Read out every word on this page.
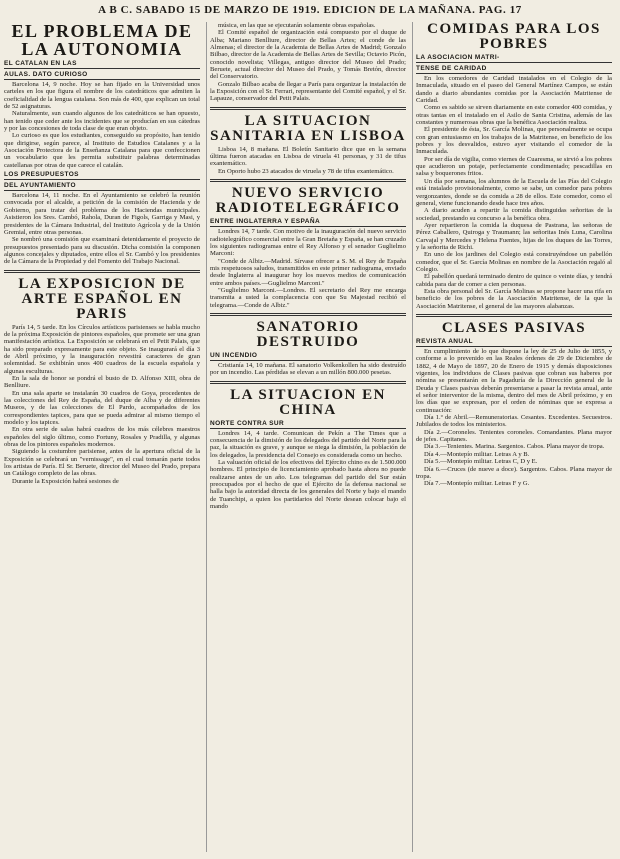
A B C. SABADO 15 DE MARZO DE 1919. EDICION DE LA MAÑANA. PAG. 17
EL PROBLEMA DE LA AUTONOMIA
EL CATALAN EN LAS
AULAS. DATO CURIOSO

Barcelona 14, 9 noche. Hoy se han fijado en la Universidad unos carteles en los que figura el nombre de los catedráticos que admiten la coeficialidad de la lengua catalana. Son más de 400, que explican un total de 52 asignaturas.

Naturalmente, sun cuando algunos de los catedráticos se han opuesto, han tenido que ceder ante los incidentes que se producían en sus cátedras y por las concesiones de toda clase de que eran objeto.

Lo curioso es que los estudiantes, conseguido su propósito, han tenido que dirigirse, según parece, al Instituto de Estudios Catalanes y a la Asociación Protectora de la Enseñanza Catalana para que confeccionen un vocabulario que les permita substituir palabras determinadas castellanas por otras de que carece el catalán.

LOS PRESUPUESTOS
DEL AYUNTAMIENTO

Barcelona 14, 11 noche. En el Ayuntamiento se celebró la reunión convocada por el alcalde, a petición de la comisión de Hacienda y de Gobierno, para tratar del problema de los Haciendas municipales. Asistieron los Sres. Cambó, Rahola, Duran de Figols, Garriga y Masi, y presidentes de la Cámara Industrial, del Instituto Agrícola y de la Unión Gremial, entre otras personas.

Se nombró una comisión que examinará detenidamente el proyecto de presupuestos presentado para su discusión. Dicha comisión la componen algunos concejales y diputados, entre ellos el Sr. Cambó y los presidentes de la Cámara de la Propiedad y del Fomento del Trabajo Nacional.

LA EXPOSICION DE ARTE ESPAÑOL EN PARIS

París 14, 5 tarde. En los Círculos artísticos parisienses se habla mucho de la próxima Exposición de pintores españoles, que promete ser una gran manifestación artística. La Exposición se celebrará en el Petit Palais, que ha sido preparado expresamente para este objeto. Se inaugurará el día 3 de Abril próximo, y la inauguración revestirá caracteres de gran solemnidad. Se exhibirán unos 400 cuadros de la escuela española y algunas esculturas.

En la sala de honor se pondrá el busto de D. Alfonso XIII, obra de Benlliure.

En una sala aparte se instalarán 30 cuadros de Goya, procedentes de las colecciones del Rey de España, del duque de Alba y de diferentes Museos, y de las colecciones de El Pardo, acompañados de los correspondientes tapices, para que se pueda admirar al mismo tiempo el modelo y los tapices.

En otra serie de salas habrá cuadros de los más célebres maestros españoles del siglo último, como Fortuny, Rosales y Pradilla, y algunas obras de los pintores españoles modernos.

Siguiendo la costumbre parisiense, antes de la apertura oficial de la Exposición se celebrará un "vernissage", en el cual tomarán parte todos los artistas de París. El Sr. Beruete, director del Museo del Prado, prepara un Catálogo completo de las obras.

Durante la Exposición habrá sesiones de

música, en las que se ejecutarán solamente obras españolas.

El Comité español de organización está compuesto por el duque de Alba; Mariano Benlliure, director de Bellas Artes; el conde de las Almenas; el director de la Academia de Bellas Artes de Madrid; Gonzalo Bilbao, director de la Academia de Bellas Artes de Sevilla; Octavio Picón, conocido novelista; Villegas, antiguo director del Museo del Prado; Beruete, actual director del Museo del Prado, y Tomás Bretón, director del Conservatorio.

Gonzalo Bilbao acaba de llegar a París para organizar la instalación de la Exposición con el Sr. Ferrari, representante del Comité español, y el Sr. Lapauze, conservador del Petit Palais.

LA SITUACION SANITARIA EN LISBOA

Lisboa 14, 8 mañana. El Boletín Sanitario dice que en la semana última fueron atacadas en Lisboa de viruela 41 personas, y 31 de tifus exantemático.

En Oporto hubo 23 atacados de viruela y 78 de tifus exantemático.

NUEVO SERVICIO RADIOTELEGRÁFICO
ENTRE INGLATERRA Y ESPAÑA

Londres 14, 7 tarde. Con motivo de la inauguración del nuevo servicio radiotelegráfico comercial entre la Gran Bretaña y España, se han cruzado los siguientes radiogramas entre el Rey Alfonso y el senador Guglielmo Marconi:

"Conde de Albiz.—Madrid. Sírvase ofrecer a S. M. el Rey de España mis respetuosos saludos, transmitidos en este primer radiograma, enviado desde Inglaterra al inaugurar hoy los nuevos medios de comunicación entre ambos países.—Guglielmo Marconi."

"Guglielmo Marconi.—Londres. El secretario del Rey me encarga transmita a usted la complacencia con que Su Majestad recibió el telegrama.—Conde de Albiz."

SANATORIO DESTRUIDO
UN INCENDIO

Cristianía 14, 10 mañana. El sanatorio Volkenkollen ha sido destruído por un incendio. Las pérdidas se elevan a un millón 800.000 pesetas.

LA SITUACION EN CHINA
NORTE CONTRA SUR

Londres 14, 4 tarde. Comunican de Pekín a The Times que a consecuencia de la dimisión de los delegados del partido del Norte para la paz, la situación es grave, y aunque se niega la dimisión, la población de los delegados, la presidencia del Consejo es considerada como un hecho.

La valuación oficial de los efectivos del Ejército chino es de 1.500.000 hombres. El principio de licenciamiento aprobado hasta ahora no puede realizarse antes de un año. Los telegramas del partido del Sur están preocupados por el hecho de que el Ejército de la defensa nacional se halla bajo la autoridad directa de los generales del Norte y bajo el mando de Tuanchipi, a quien los partidarios del Norte desean colocar bajo el mando

COMIDAS PARA LOS POBRES
LA ASOCIACION MATRI-
TENSE DE CARIDAD

En los comedores de Caridad instalados en el Colegio de la Inmaculada, situado en el paseo del General Martínez Campos, se están dando a diario abundantes comidas por la Asociación Matritense de Caridad.

Como es sabido se sirven diariamente en este comedor 400 comidas, y otras tantas en el instalado en el Asilo de Santa Cristina, además de las constantes y numerosas obras que la benéfica Asociación realiza.

El presidente de ésta, Sr. García Molinas, que personalmente se ocupa con gran entusiasmo en los trabajos de la Matritense, en beneficio de los pobres y los desvalidos, estuvo ayer visitando el comedor de la Inmaculada.

Por ser día de vigilia, como viernes de Cuaresma, se sirvió a los pobres que acudieron un potaje, perfectamente condimentado; pescadillas en salsa y boquerones fritos.

Un día por semana, los alumnos de la Escuela de las Pías del Colegio está instalado provisionalmente, como se sabe, un comedor para pobres vergonzantes, donde se da comida a 28 de ellos. Este comedor, como el general, viene funcionando desde hace tres años.

A diario acuden a repartir la comida distinguidas señoritas de la sociedad, prestando su concurso a la benéfica obra.

Ayer repartieron la comida la duquesa de Pastrana, las señoras de Pérez Caballero, Quiroga y Traumann; las señoritas Inés Luna, Carolina Carvajal y Mercedes y Helena Fuentes, hijas de los duques de las Torres, y la señorita de Richi.

En uno de los jardines del Colegio está construyéndose un pabellón comedor, que el Sr. García Molinas en nombre de la Asociación regaló al Colegio.

El pabellón quedará terminado dentro de quince o veinte días, y tendrá cabida para dar de comer a cien personas.

Esta obra personal del Sr. García Molinas se propone hacer una rifa en beneficio de los pobres de la Asociación Matritense, de la que la Asociación Matritense, el general de las mayores alabanzas.

CLASES PASIVAS
REVISTA ANUAL

En cumplimiento de lo que dispone la ley de 25 de Julio de 1855, y conforme a lo prevenido en las Reales órdenes de 29 de Diciembre de 1882, 4 de Mayo de 1897, 20 de Enero de 1915 y demás disposiciones vigentes, los individuos de Clases pasivas que cobran sus haberes por nómina se presentarán en la Pagaduría de la Dirección general de la Deuda y Clases pasivas deberán presentarse a pasar la revista anual, ante el señor interventor de la misma, dentro del mes de Abril próximo, y en los días que se expresan, por el orden de nóminas que se expresa a continuación:

Día 1.º de Abril.—Remuneratorias. Cesantes. Excedentes. Secuestros. Jubilados de todos los ministerios.

Día 2.—Coroneles. Tenientes coroneles. Comandantes. Plana mayor de jefes. Capitanes.

Día 3.—Tenientes. Marina. Sargentos. Cabos. Plana mayor de tropa.

Día 4.—Montepío militar. Letras A y B.

Día 5.—Montepío militar. Letras C, D y E.

Día 6.—Cruces (de nueve a doce). Sargentos. Cabos. Plana mayor de tropa.

Día 7.—Montepío militar. Letras F y G.
